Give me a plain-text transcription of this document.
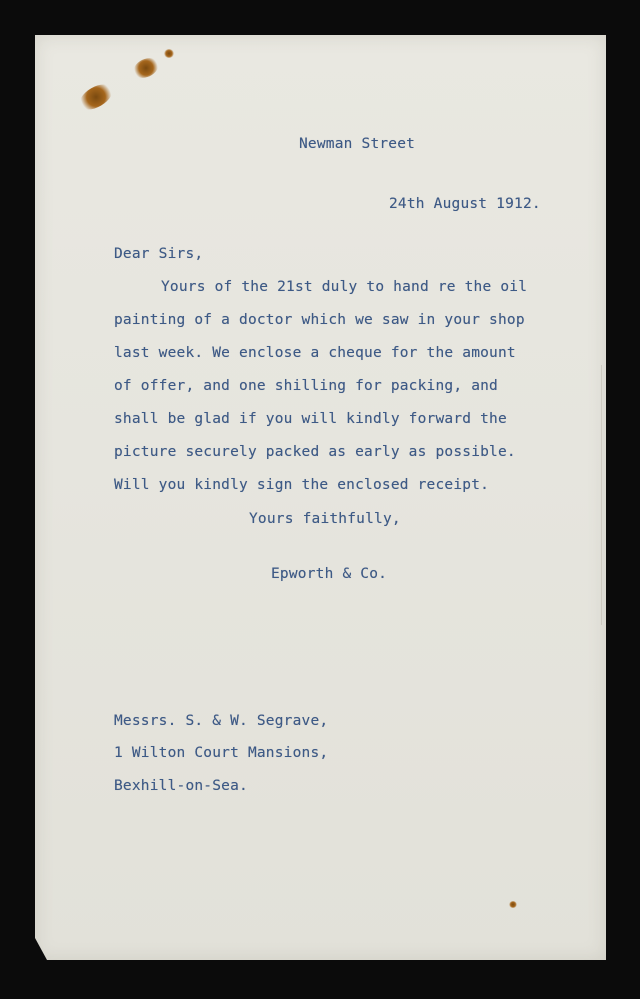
Newman Street
24th August 1912.
Dear Sirs,
Yours of the 21st duly to hand re the oil
painting of a doctor which we saw in your shop
last week. We enclose a cheque for the amount
of offer, and one shilling for packing, and
shall be glad if you will kindly forward the
picture securely packed as early as possible.
Will you kindly sign the enclosed receipt.
Yours faithfully,
Epworth & Co.
Messrs. S. & W. Segrave,
1 Wilton Court Mansions,
Bexhill-on-Sea.
